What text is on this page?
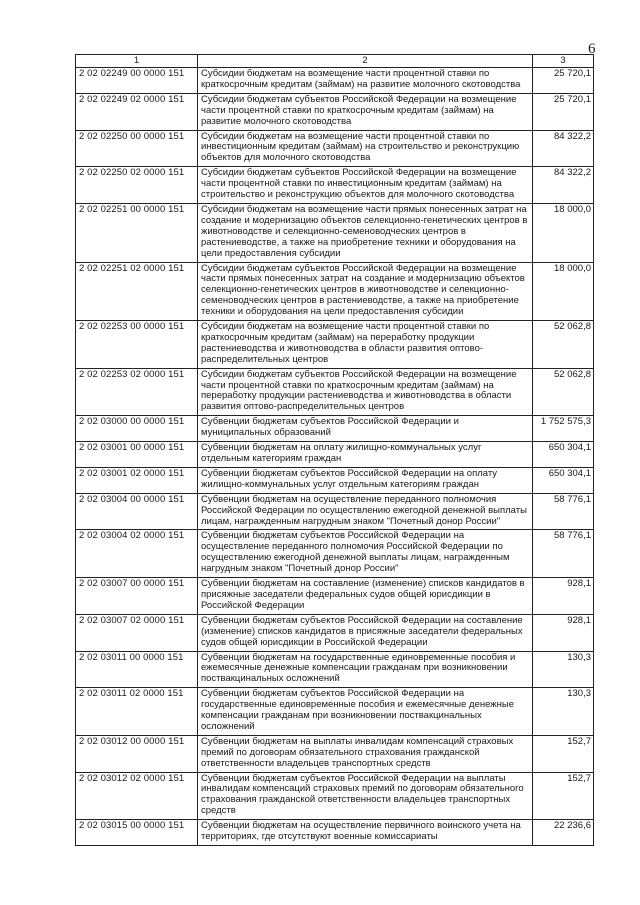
6
1	2	3
2 02 02249 00 0000 151	Субсидии бюджетам на возмещение части процентной ставки по краткосрочным кредитам (займам) на развитие молочного скотоводства	25 720,1
2 02 02249 02 0000 151	Субсидии бюджетам субъектов Российской Федерации на возмещение части процентной ставки по краткосрочным кредитам (займам) на развитие молочного скотоводства	25 720,1
2 02 02250 00 0000 151	Субсидии бюджетам на возмещение части процентной ставки по инвестиционным кредитам (займам) на строительство и реконструкцию объектов для молочного скотоводства	84 322,2
2 02 02250 02 0000 151	Субсидии бюджетам субъектов Российской Федерации на возмещение части процентной ставки по инвестиционным кредитам (займам) на строительство и реконструкцию объектов для молочного скотоводства	84 322,2
2 02 02251 00 0000 151	Субсидии бюджетам на возмещение части прямых понесенных затрат на создание и модернизацию объектов селекционно-генетических центров в животноводстве и селекционно-семеноводческих центров в растениеводстве, а также на приобретение техники и оборудования на цели предоставления субсидии	18 000,0
2 02 02251 02 0000 151	Субсидии бюджетам субъектов Российской Федерации на возмещение части прямых понесенных затрат на создание и модернизацию объектов селекционно-генетических центров в животноводстве и селекционно-семеноводческих центров в растениеводстве, а также на приобретение техники и оборудования на цели предоставления субсидии	18 000,0
2 02 02253 00 0000 151	Субсидии бюджетам на возмещение части процентной ставки по краткосрочным кредитам (займам) на переработку продукции растениеводства и животноводства в области развития оптово-распределительных центров	52 062,8
2 02 02253 02 0000 151	Субсидии бюджетам субъектов Российской Федерации на возмещение части процентной ставки по краткосрочным кредитам (займам) на переработку продукции растениеводства и животноводства в области развития оптово-распределительных центров	52 062,8
2 02 03000 00 0000 151	Субвенции бюджетам субъектов Российской Федерации и муниципальных образований	1 752 575,3
2 02 03001 00 0000 151	Субвенции бюджетам на оплату жилищно-коммунальных услуг отдельным категориям граждан	650 304,1
2 02 03001 02 0000 151	Субвенции бюджетам субъектов Российской Федерации на оплату жилищно-коммунальных услуг отдельным категориям граждан	650 304,1
2 02 03004 00 0000 151	Субвенции бюджетам на осуществление переданного полномочия Российской Федерации по осуществлению ежегодной денежной выплаты лицам, награжденным нагрудным знаком "Почетный донор России"	58 776,1
2 02 03004 02 0000 151	Субвенции бюджетам субъектов Российской Федерации на осуществление переданного полномочия Российской Федерации по осуществлению ежегодной денежной выплаты лицам, награжденным нагрудным знаком "Почетный донор России"	58 776,1
2 02 03007 00 0000 151	Субвенции бюджетам на составление (изменение) списков кандидатов в присяжные заседатели федеральных судов общей юрисдикции в Российской Федерации	928,1
2 02 03007 02 0000 151	Субвенции бюджетам субъектов Российской Федерации на составление (изменение) списков кандидатов в присяжные заседатели федеральных судов общей юрисдикции в Российской Федерации	928,1
2 02 03011 00 0000 151	Субвенции бюджетам на государственные единовременные пособия и ежемесячные денежные компенсации гражданам при возникновении поствакцинальных осложнений	130,3
2 02 03011 02 0000 151	Субвенции бюджетам субъектов Российской Федерации на государственные единовременные пособия и ежемесячные денежные компенсации гражданам при возникновении поствакцинальных осложнений	130,3
2 02 03012 00 0000 151	Субвенции бюджетам на выплаты инвалидам компенсаций страховых премий по договорам обязательного страхования гражданской ответственности владельцев транспортных средств	152,7
2 02 03012 02 0000 151	Субвенции бюджетам субъектов Российской Федерации на выплаты инвалидам компенсаций страховых премий по договорам обязательного страхования гражданской ответственности владельцев транспортных средств	152,7
2 02 03015 00 0000 151	Субвенции бюджетам на осуществление первичного воинского учета на территориях, где отсутствуют военные комиссариаты	22 236,6
